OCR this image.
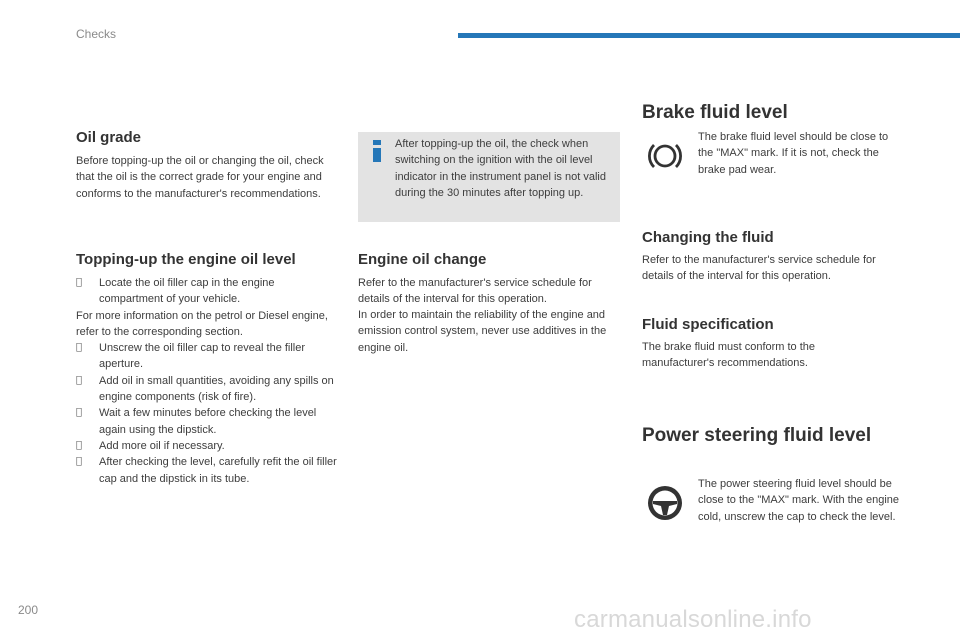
Checks
Oil grade

Before topping-up the oil or changing the oil, check that the oil is the correct grade for your engine and conforms to the manufacturer's recommendations.

Topping-up the engine oil level
Locate the oil filler cap in the engine compartment of your vehicle.
For more information on the petrol or Diesel engine, refer to the corresponding section.
Unscrew the oil filler cap to reveal the filler aperture.
Add oil in small quantities, avoiding any spills on engine components (risk of fire).
Wait a few minutes before checking the level again using the dipstick.
Add more oil if necessary.
After checking the level, carefully refit the oil filler cap and the dipstick in its tube.
After topping-up the oil, the check when switching on the ignition with the oil level indicator in the instrument panel is not valid during the 30 minutes after topping up.
Engine oil change

Refer to the manufacturer's service schedule for details of the interval for this operation.

In order to maintain the reliability of the engine and emission control system, never use additives in the engine oil.

Brake fluid level

The brake fluid level should be close to the "MAX" mark. If it is not, check the brake pad wear.

Changing the fluid

Refer to the manufacturer's service schedule for details of the interval for this operation.

Fluid specification

The brake fluid must conform to the manufacturer's recommendations.

Power steering fluid level

The power steering fluid level should be close to the "MAX" mark. With the engine cold, unscrew the cap to check the level.

200	carmanualsonline.info
